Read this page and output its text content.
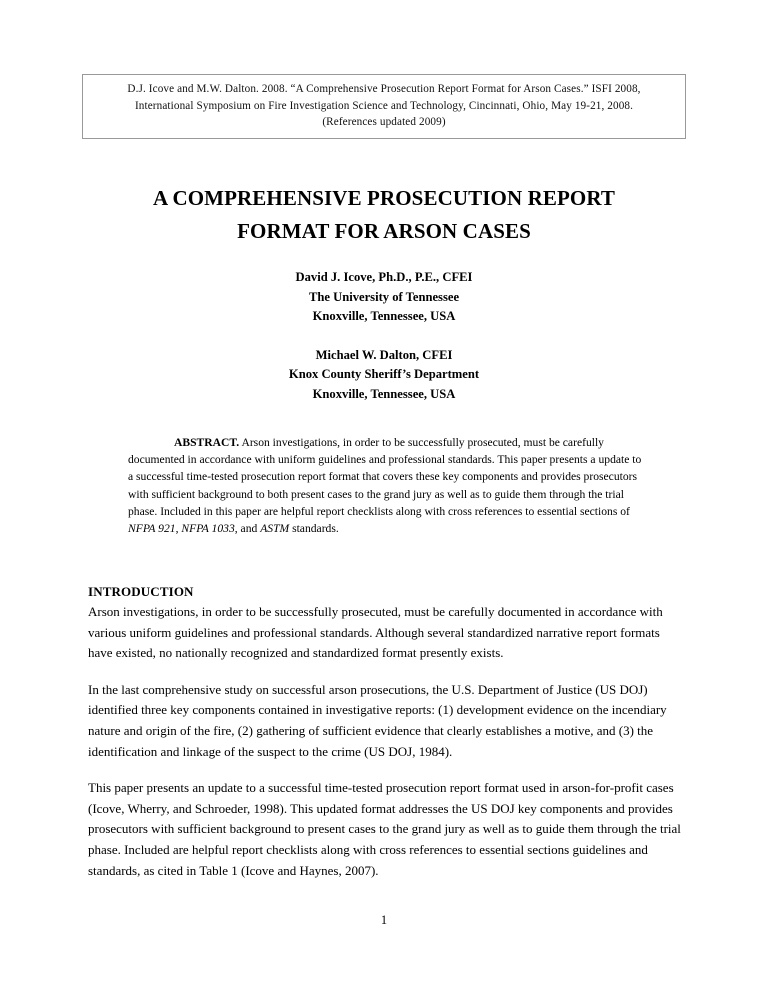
D.J. Icove and M.W. Dalton. 2008. “A Comprehensive Prosecution Report Format for Arson Cases.” ISFI 2008,
International Symposium on Fire Investigation Science and Technology, Cincinnati, Ohio, May 19-21, 2008.
(References updated 2009)
A COMPREHENSIVE PROSECUTION REPORT
FORMAT FOR ARSON CASES
David J. Icove, Ph.D., P.E., CFEI
The University of Tennessee
Knoxville, Tennessee, USA
Michael W. Dalton, CFEI
Knox County Sheriff’s Department
Knoxville, Tennessee, USA
ABSTRACT. Arson investigations, in order to be successfully prosecuted, must be carefully documented in accordance with uniform guidelines and professional standards. This paper presents a update to a successful time-tested prosecution report format that covers these key components and provides prosecutors with sufficient background to both present cases to the grand jury as well as to guide them through the trial phase. Included in this paper are helpful report checklists along with cross references to essential sections of NFPA 921, NFPA 1033, and ASTM standards.
INTRODUCTION

Arson investigations, in order to be successfully prosecuted, must be carefully documented in accordance with various uniform guidelines and professional standards. Although several standardized narrative report formats have existed, no nationally recognized and standardized format presently exists.

In the last comprehensive study on successful arson prosecutions, the U.S. Department of Justice (US DOJ) identified three key components contained in investigative reports: (1) development evidence on the incendiary nature and origin of the fire, (2) gathering of sufficient evidence that clearly establishes a motive, and (3) the identification and linkage of the suspect to the crime (US DOJ, 1984).

This paper presents an update to a successful time-tested prosecution report format used in arson-for-profit cases (Icove, Wherry, and Schroeder, 1998). This updated format addresses the US DOJ key components and provides prosecutors with sufficient background to present cases to the grand jury as well as to guide them through the trial phase. Included are helpful report checklists along with cross references to essential sections guidelines and standards, as cited in Table 1 (Icove and Haynes, 2007).

1
